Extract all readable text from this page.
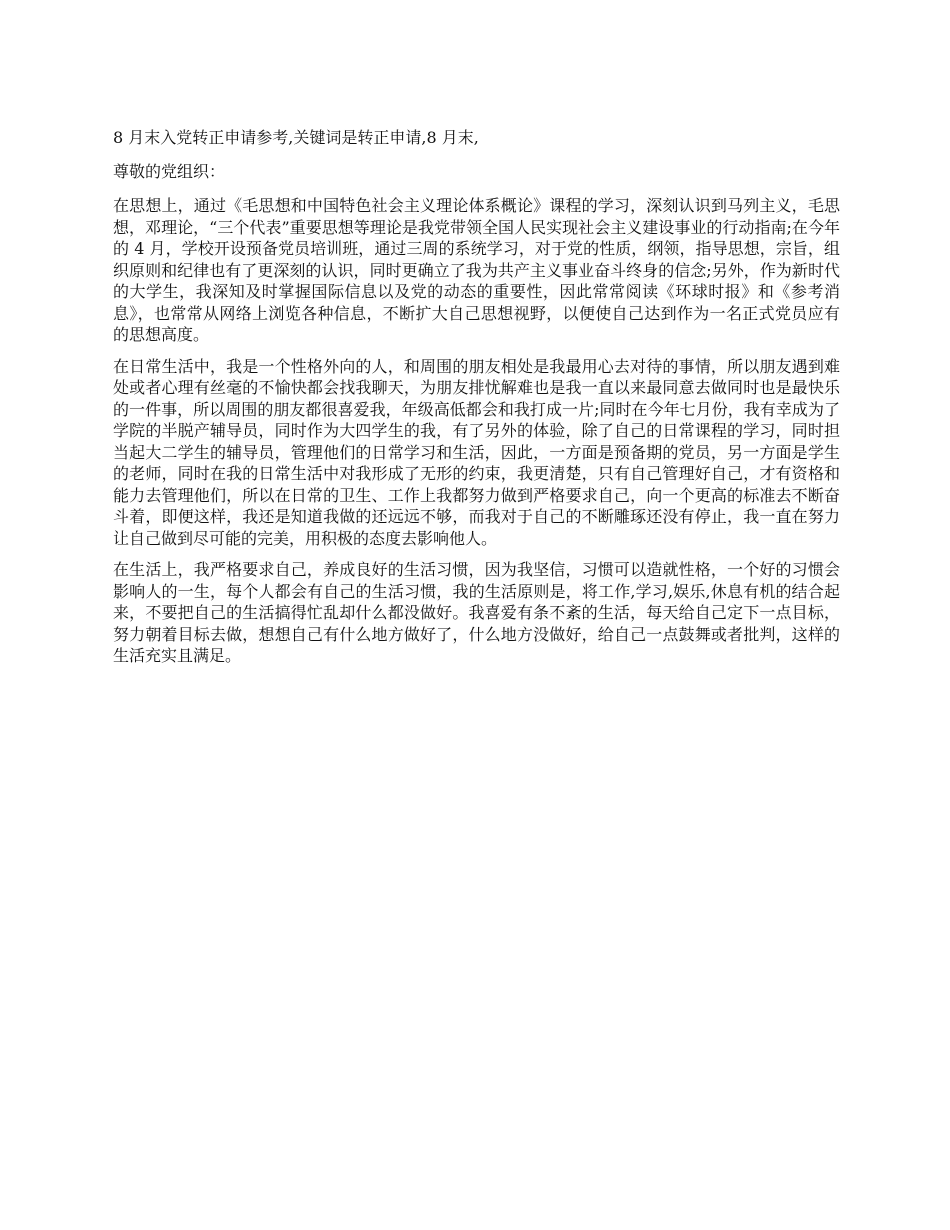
8 月末入党转正申请参考,关键词是转正申请,8 月末,

尊敬的党组织：

在思想上，通过《毛思想和中国特色社会主义理论体系概论》课程的学习，深刻认识到马列主义，毛思想，邓理论，“三个代表”重要思想等理论是我党带领全国人民实现社会主义建设事业的行动指南;在今年的 4 月，学校开设预备党员培训班，通过三周的系统学习，对于党的性质，纲领，指导思想，宗旨，组织原则和纪律也有了更深刻的认识，同时更确立了我为共产主义事业奋斗终身的信念;另外，作为新时代的大学生，我深知及时掌握国际信息以及党的动态的重要性，因此常常阅读《环球时报》和《参考消息》，也常常从网络上浏览各种信息，不断扩大自己思想视野，以便使自己达到作为一名正式党员应有的思想高度。

在日常生活中，我是一个性格外向的人，和周围的朋友相处是我最用心去对待的事情，所以朋友遇到难处或者心理有丝毫的不愉快都会找我聊天，为朋友排忧解难也是我一直以来最同意去做同时也是最快乐的一件事，所以周围的朋友都很喜爱我，年级高低都会和我打成一片;同时在今年七月份，我有幸成为了学院的半脱产辅导员，同时作为大四学生的我，有了另外的体验，除了自己的日常课程的学习，同时担当起大二学生的辅导员，管理他们的日常学习和生活，因此，一方面是预备期的党员，另一方面是学生的老师，同时在我的日常生活中对我形成了无形的约束，我更清楚，只有自己管理好自己，才有资格和能力去管理他们，所以在日常的卫生、工作上我都努力做到严格要求自己，向一个更高的标准去不断奋斗着，即便这样，我还是知道我做的还远远不够，而我对于自己的不断雕琢还没有停止，我一直在努力让自己做到尽可能的完美，用积极的态度去影响他人。

在生活上，我严格要求自己，养成良好的生活习惯，因为我坚信，习惯可以造就性格，一个好的习惯会影响人的一生，每个人都会有自己的生活习惯，我的生活原则是，将工作,学习,娱乐,休息有机的结合起来，不要把自己的生活搞得忙乱却什么都没做好。我喜爱有条不紊的生活，每天给自己定下一点目标，努力朝着目标去做，想想自己有什么地方做好了，什么地方没做好，给自己一点鼓舞或者批判，这样的生活充实且满足。
